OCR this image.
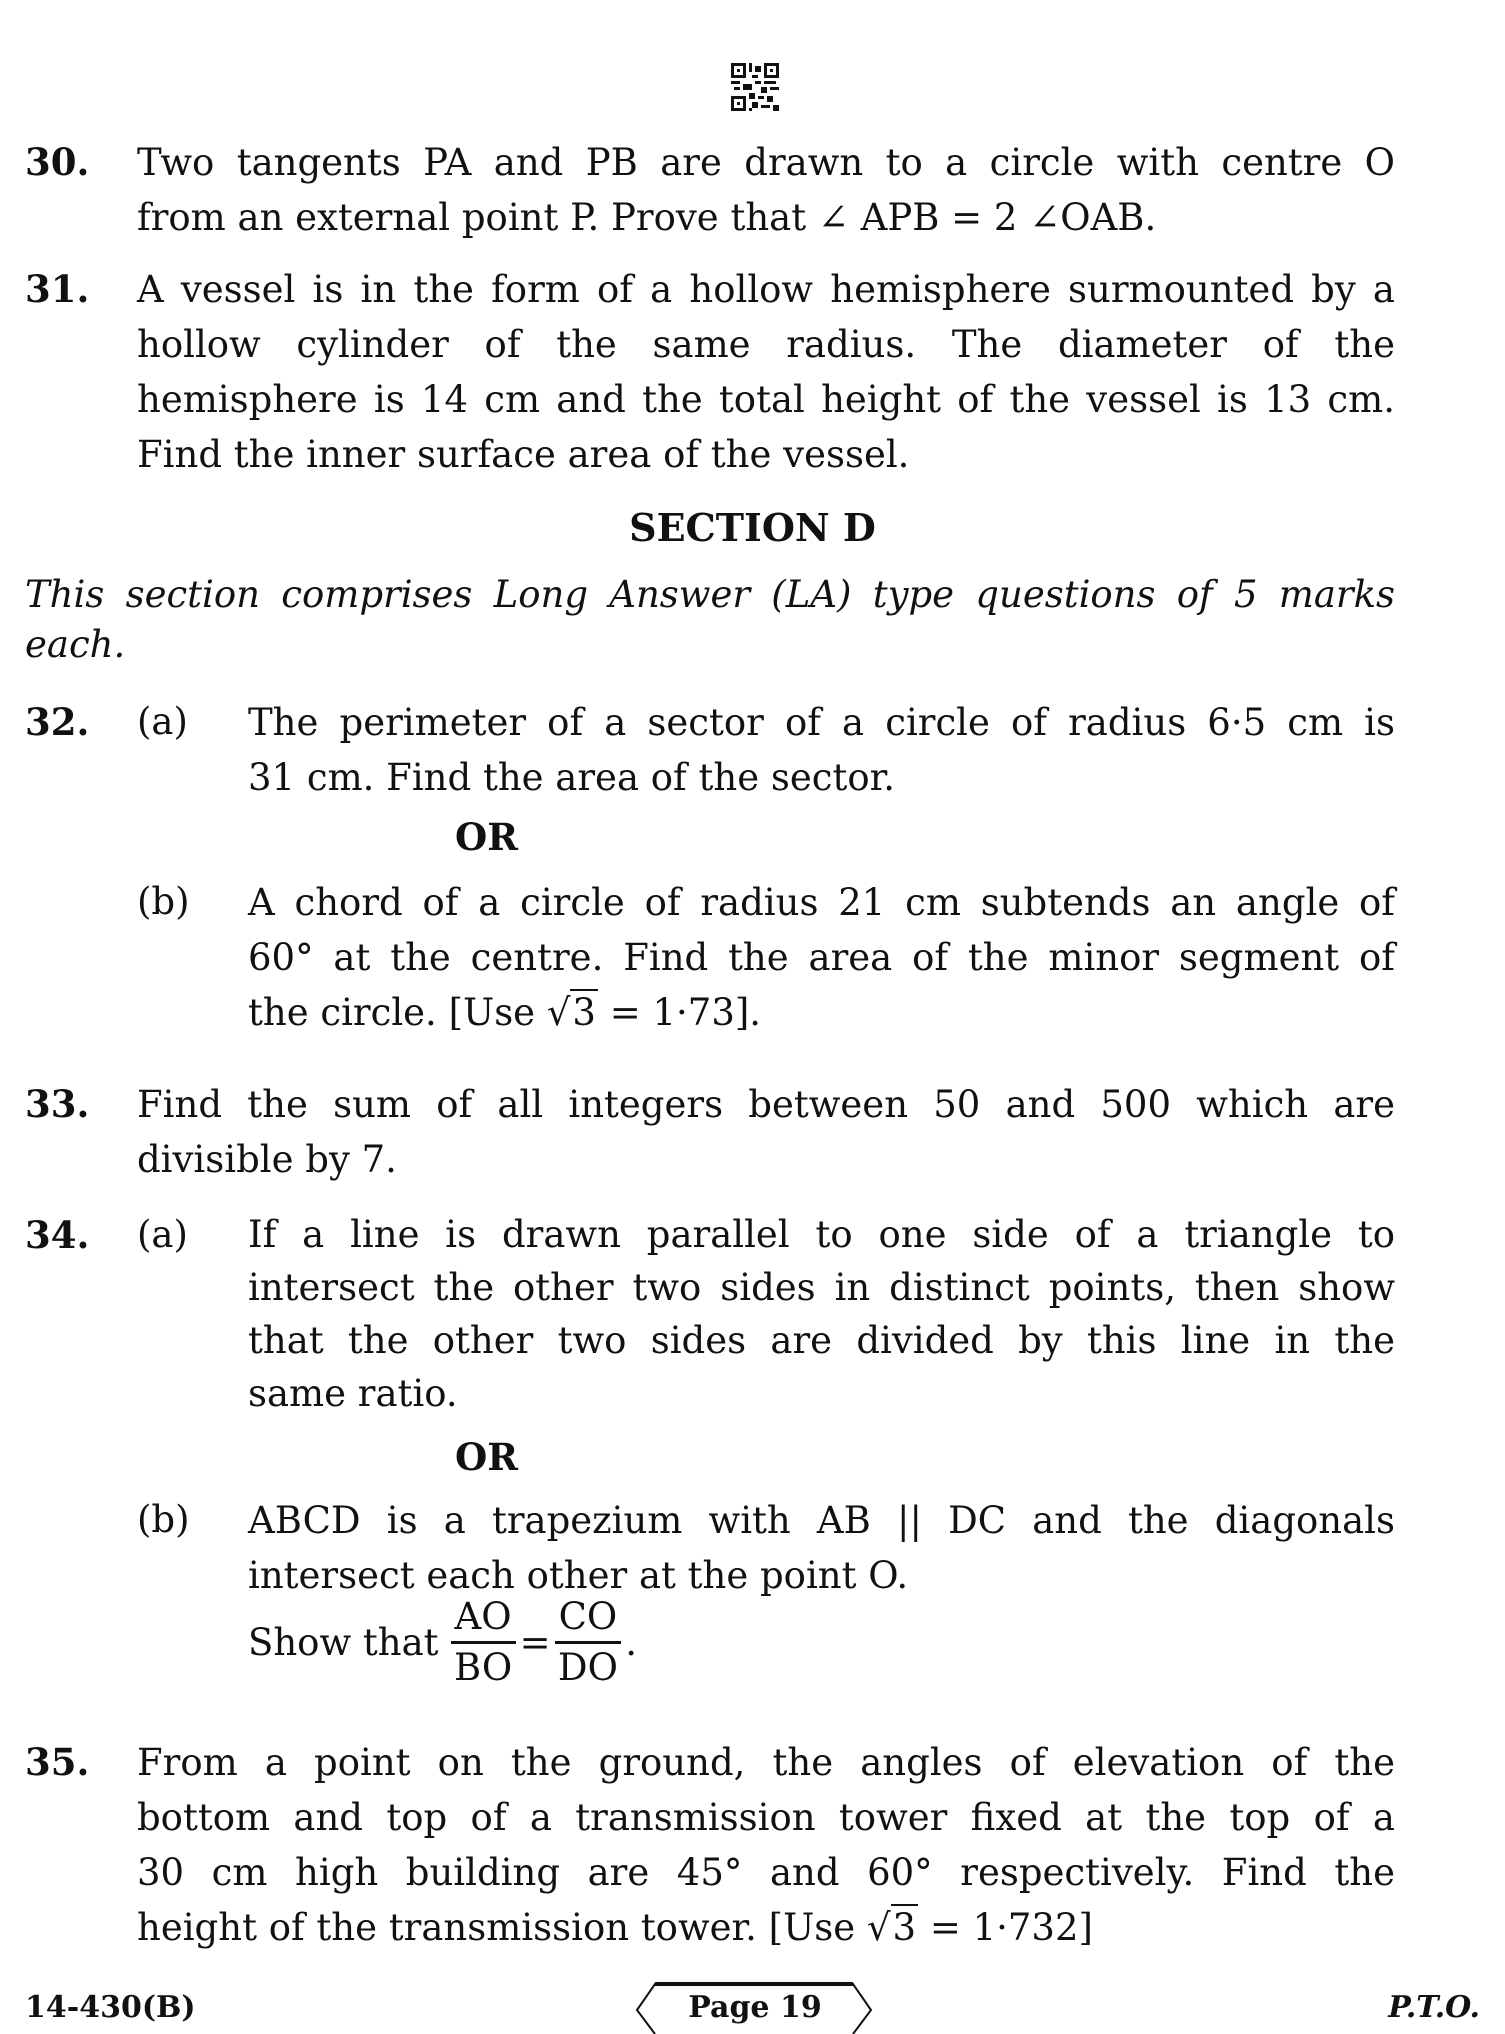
30. Two tangents PA and PB are drawn to a circle with centre O
from an external point P. Prove that ∠ APB = 2 ∠OAB.
31. A vessel is in the form of a hollow hemisphere surmounted by a
hollow cylinder of the same radius. The diameter of the
hemisphere is 14 cm and the total height of the vessel is 13 cm.
Find the inner surface area of the vessel.
SECTION D
This section comprises Long Answer (LA) type questions of 5 marks
each.
32. (a) The perimeter of a sector of a circle of radius 6·5 cm is
31 cm. Find the area of the sector.
OR
(b) A chord of a circle of radius 21 cm subtends an angle of
60° at the centre. Find the area of the minor segment of
the circle. [Use √3 = 1·73].
33. Find the sum of all integers between 50 and 500 which are
divisible by 7.
34. (a) If a line is drawn parallel to one side of a triangle to
intersect the other two sides in distinct points, then show
that the other two sides are divided by this line in the
same ratio.
OR
(b) ABCD is a trapezium with AB || DC and the diagonals
intersect each other at the point O.
Show that $\frac{AO}{BO} = \frac{CO}{DO}$ .
35. From a point on the ground, the angles of elevation of the
bottom and top of a transmission tower fixed at the top of a
30 cm high building are 45° and 60° respectively. Find the
height of the transmission tower. [Use √3 = 1·732]
14-430(B)	Page 19	P.T.O.
